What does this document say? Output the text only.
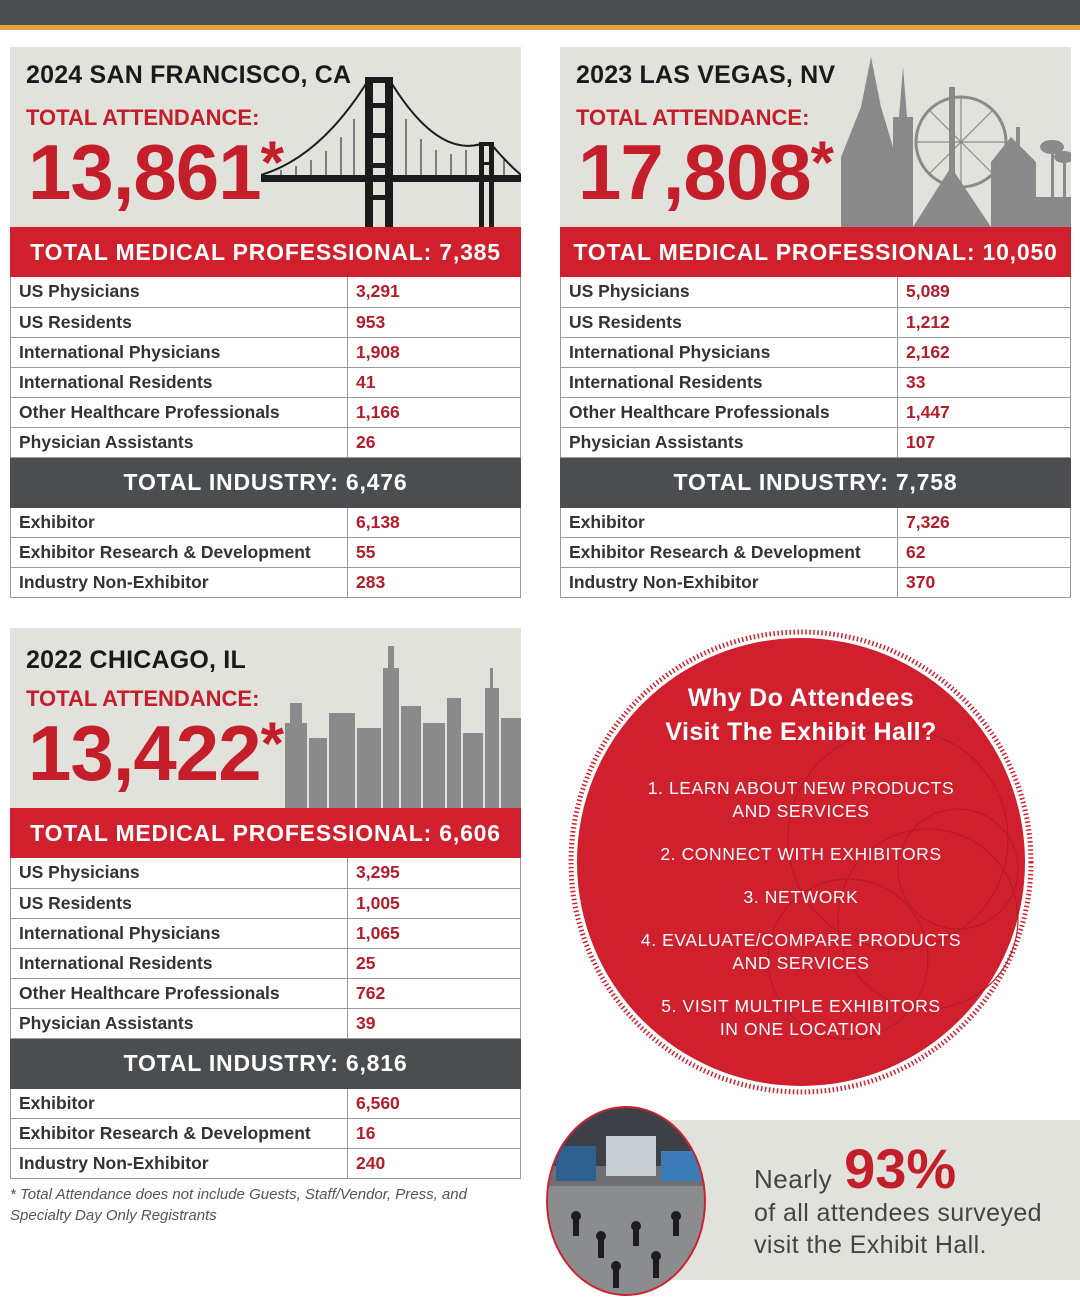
2024 SAN FRANCISCO, CA
TOTAL ATTENDANCE:
13,861*
TOTAL MEDICAL PROFESSIONAL: 7,385
US Physicians	3,291
US Residents	953
International Physicians	1,908
International Residents	41
Other Healthcare Professionals	1,166
Physician Assistants	26
TOTAL INDUSTRY: 6,476
Exhibitor	6,138
Exhibitor Research & Development	55
Industry Non-Exhibitor	283
2023 LAS VEGAS, NV
TOTAL ATTENDANCE:
17,808*
TOTAL MEDICAL PROFESSIONAL: 10,050
US Physicians	5,089
US Residents	1,212
International Physicians	2,162
International Residents	33
Other Healthcare Professionals	1,447
Physician Assistants	107
TOTAL INDUSTRY: 7,758
Exhibitor	7,326
Exhibitor Research & Development	62
Industry Non-Exhibitor	370
2022 CHICAGO, IL
TOTAL ATTENDANCE:
13,422*
TOTAL MEDICAL PROFESSIONAL: 6,606
US Physicians	3,295
US Residents	1,005
International Physicians	1,065
International Residents	25
Other Healthcare Professionals	762
Physician Assistants	39
TOTAL INDUSTRY: 6,816
Exhibitor	6,560
Exhibitor Research & Development	16
Industry Non-Exhibitor	240
* Total Attendance does not include Guests, Staff/Vendor, Press, and Specialty Day Only Registrants
Why Do Attendees
Visit The Exhibit Hall?
1. LEARN ABOUT NEW PRODUCTS
AND SERVICES
2. CONNECT WITH EXHIBITORS
3. NETWORK
4. EVALUATE/COMPARE PRODUCTS
AND SERVICES
5. VISIT MULTIPLE EXHIBITORS
IN ONE LOCATION
Nearly 93%
of all attendees surveyed
visit the Exhibit Hall.
